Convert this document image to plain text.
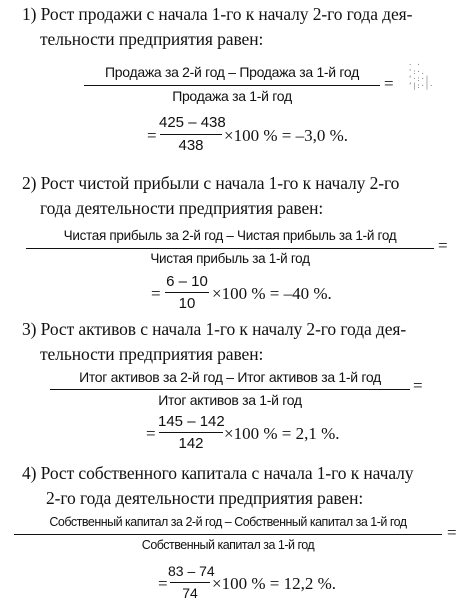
1) Рост продажи с начала 1-го к началу 2-го года дея-
тельности предприятия равен:
Продажа за 2-й год – Продажа за 1-й год
Продажа за 1-й год
=
· ·
':·.
ʻ·:·|
ʼ|:·|·
=
425 – 438
438
×100 % = –3,0 %.
2) Рост чистой прибыли с начала 1-го к началу 2-го
года деятельности предприятия равен:
Чистая прибыль за 2-й год – Чистая прибыль за 1-й год
Чистая прибыль за 1-й год
=
=
6 – 10
10
×100 % = –40 %.
3) Рост активов с начала 1-го к началу 2-го года дея-
тельности предприятия равен:
Итог активов за 2-й год – Итог активов за 1-й год
Итог активов за 1-й год
=
=
145 – 142
142
×100 % = 2,1 %.
4) Рост собственного капитала с начала 1-го к началу
2-го года деятельности предприятия равен:
Собственный капитал за 2-й год – Собственный капитал за 1-й год
Собственный капитал за 1-й год
=
=
83 – 74
74 ×100 % = 12,2 %.
